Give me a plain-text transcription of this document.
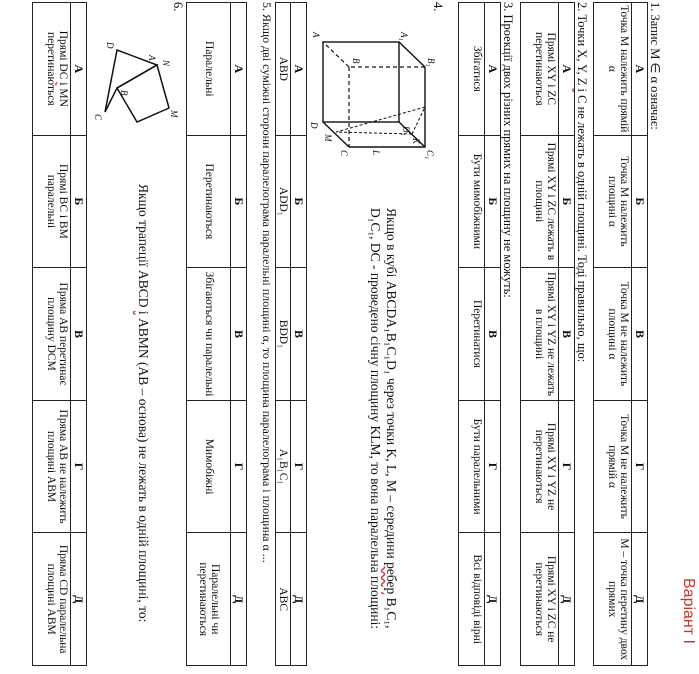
Варіант І
1. Запис M ∈ α означає:
А	Б	В	Г	Д
Точка M належить прямій α	Точка M належить площині α	Точка M не належить площині α	Точка M не належить прямій α	M – точка перетину двох прямих
2. Точки X, Y, Z і C не лежать в одній площині. Тоді правильно, що:
А	Б	В	Г	Д
Прямі XY і ZC перетинаються	Прямі XY і ZC лежать в площині	Прямі XY і YZ не лежать в площині	Прямі XY і YZ не перетинаються	Прямі XY і ZC не перетинаються
3. Проекції двох різних прямих на площину не можуть:
А	Б	В	Г	Д
Збігатися	Бути мимобіжними	Перетинатися	Бути паралельними	Всі відповіді вірні
4.
A₁
B₁
K
C₁
L
D₁
A
B
C
D
M
Якщо в кубі ABCDA₁B₁C₁D₁ через точки K, L, M – середини ребер B₁C₁, D₁C₁, DC - проведено січну площину KLM, то вона паралельна площині:
А	Б	В	Г	Д
ABD	ADD₁	BDD₁	A₁B₁C₁	ABC
5. Якщо дві суміжні сторони паралелограма паралельні площині α, то площина паралелограма і площина α ...
А	Б	В	Г	Д
Паралельні	Перетинаються	Збігаються чи паралельні	Мимобіжні	Паралельні чи перетинаються
6.
N
M
A
B
D
C
Якщо трапеції ABCD і ABMN (AB – основа) не лежать в одній площині, то:
А	Б	В	Г	Д
Прямі DC і MN перетинаються	Прямі BC і BM паралельні	Пряма AB перетинає площину DCM	Пряма AB не належить площині ABM	Пряма CD паралельна площині ABM
